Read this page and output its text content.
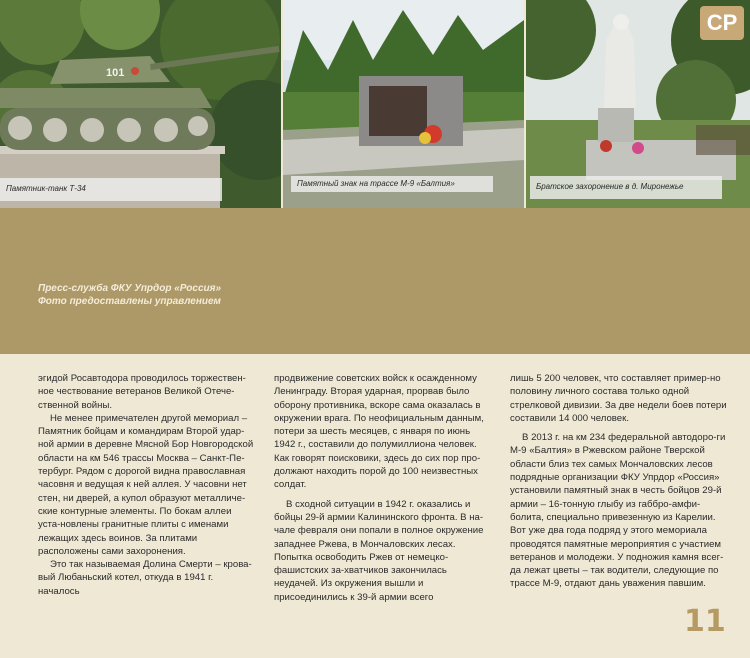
101
Памятник-танк Т-34
Памятный знак на трассе М-9 «Балтия»	Братское захоронение в д. Миронежье
СР
Пресс-служба ФКУ Упрдор «Россия»
Фото предоставлены управлением

эгидой Росавтодора проводилось торжествен-ное чествование ветеранов Великой Отече-ственной войны.

Не менее примечателен другой мемориал – Памятник бойцам и командирам Второй удар-ной армии в деревне Мясной Бор Новгородской области на км 546 трассы Москва – Санкт-Пе-тербург. Рядом с дорогой видна православная часовня и ведущая к ней аллея. У часовни нет стен, ни дверей, а купол образуют металличе-ские контурные элементы. По бокам аллеи уста-новлены гранитные плиты с именами лежащих здесь воинов. За плитами расположены сами захоронения.

Это так называемая Долина Смерти – крова-вый Любаньский котел, откуда в 1941 г. началось

продвижение советских войск к осажденному Ленинграду. Вторая ударная, прорвав было оборону противника, вскоре сама оказалась в окружении врага. По неофициальным данным, потери за шесть месяцев, с января по июнь 1942 г., составили до полумиллиона человек. Как говорят поисковики, здесь до сих пор про-должают находить порой до 100 неизвестных солдат.

В сходной ситуации в 1942 г. оказались и бойцы 29-й армии Калининского фронта. В на-чале февраля они попали в полное окружение западнее Ржева, в Мончаловских лесах. Попытка освободить Ржев от немецко-фашистских за-хватчиков закончилась неудачей. Из окружения вышли и присоединились к 39-й армии всего

лишь 5 200 человек, что составляет пример-но половину личного состава только одной стрелковой дивизии. За две недели боев потери составили 14 000 человек.

В 2013 г. на км 234 федеральной автодоро-ги М-9 «Балтия» в Ржевском районе Тверской области близ тех самых Мончаловских лесов подрядные организации ФКУ Упрдор «Россия» установили памятный знак в честь бойцов 29-й армии – 16-тонную глыбу из габбро-амфи-болита, специально привезенную из Карелии. Вот уже два года подряд у этого мемориала проводятся памятные мероприятия с участием ветеранов и молодежи. У подножия камня всег-да лежат цветы – так водители, следующие по трассе М-9, отдают дань уважения павшим.

11
